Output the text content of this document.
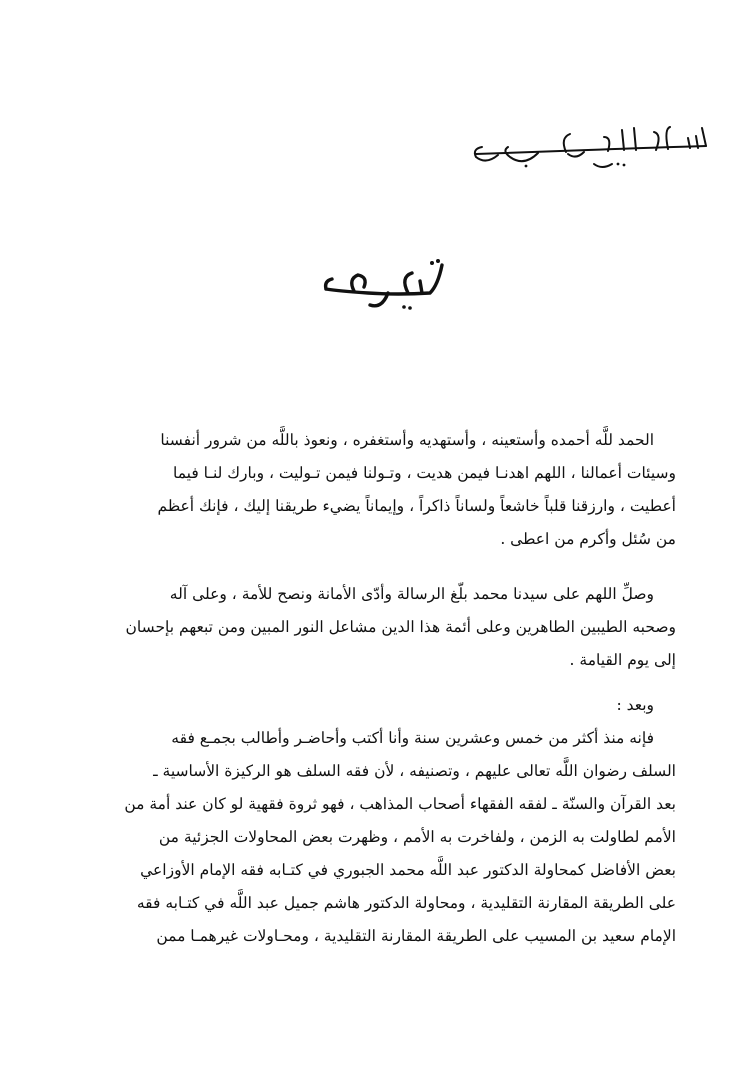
الحمد للَّه أحمده وأستعينه ، وأستهديه وأستغفره ، ونعوذ باللَّه من شرور أنفسنا
وسيئات أعمالنا ، اللهم اهدنـا فيمن هديت ، وتـولنا فيمن تـوليت ، وبارك لنـا فيما
أعطيت ، وارزقنا قلباً خاشعاً ولساناً ذاكراً ، وإيماناً يضيء طريقنا إليك ، فإنك أعظم
من سُئل وأكرم من اعطى .
وصلِّ اللهم على سيدنا محمد بلّغ الرسالة وأدّى الأمانة ونصح للأمة ، وعلى آله
وصحبه الطيبين الطاهرين وعلى أئمة هذا الدين مشاعل النور المبين ومن تبعهم بإحسان
إلى يوم القيامة .
وبعد :
فإنه منذ أكثر من خمس وعشرين سنة وأنا أكتب وأحاضـر وأطالب بجمـع فقه
السلف رضوان اللَّه تعالى عليهم ، وتصنيفه ، لأن فقه السلف هو الركيزة الأساسية ـ
بعد القرآن والسنّة ـ لفقه الفقهاء أصحاب المذاهب ، فهو ثروة فقهية لو كان عند أمة من
الأمم لطاولت به الزمن ، ولفاخرت به الأمم ، وظهرت بعض المحاولات الجزئية من
بعض الأفاضل كمحاولة الدكتور عبد اللَّه محمد الجبوري في كتـابه فقه الإمام الأوزاعي
على الطريقة المقارنة التقليدية ، ومحاولة الدكتور هاشم جميل عبد اللَّه في كتـابه فقه
الإمام سعيد بن المسيب على الطريقة المقارنة التقليدية ، ومحـاولات غيرهمـا ممن
